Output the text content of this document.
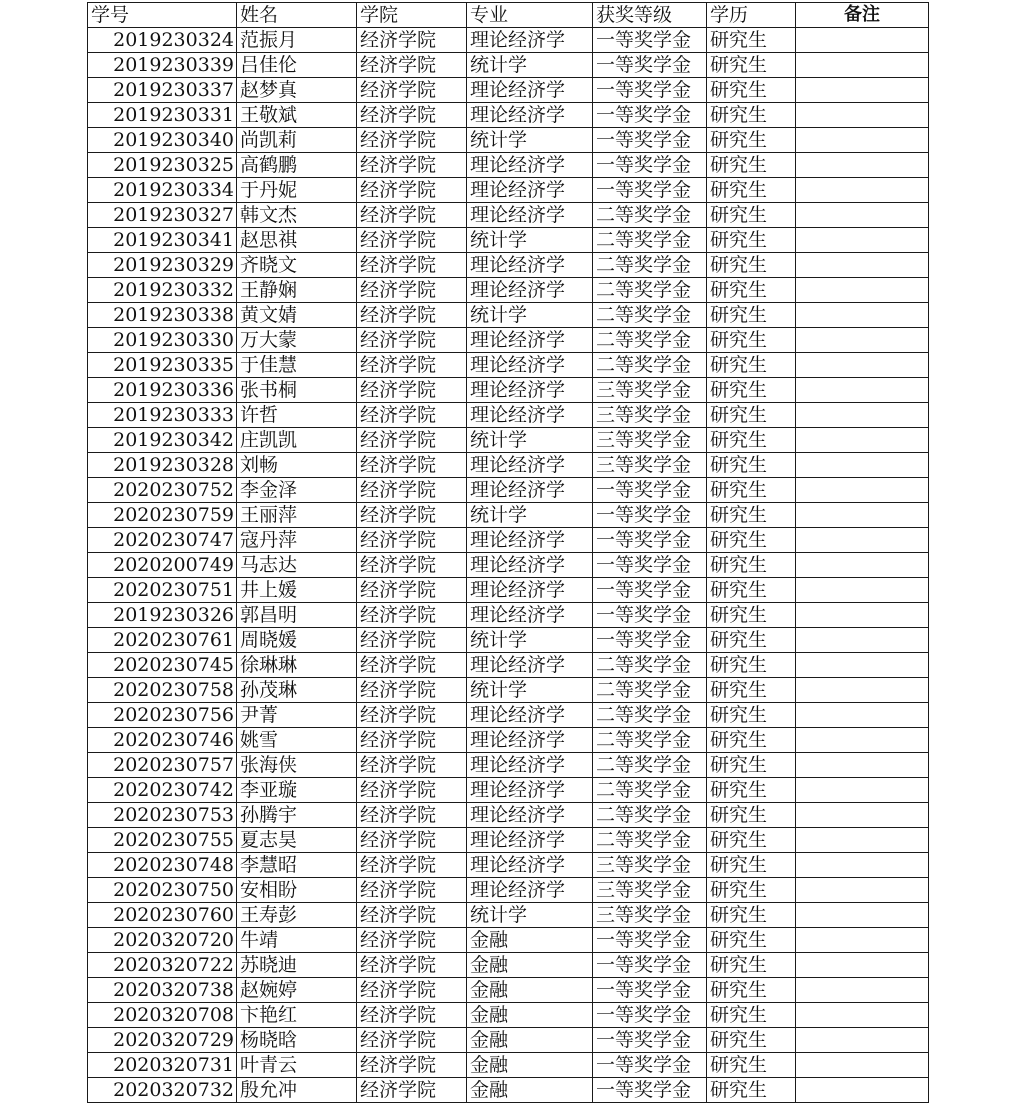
学号	姓名	学院	专业	获奖等级	学历	备注
2019230324	范振月	经济学院	理论经济学	一等奖学金	研究生	
2019230339	吕佳伦	经济学院	统计学	一等奖学金	研究生	
2019230337	赵梦真	经济学院	理论经济学	一等奖学金	研究生	
2019230331	王敬斌	经济学院	理论经济学	一等奖学金	研究生	
2019230340	尚凯莉	经济学院	统计学	一等奖学金	研究生	
2019230325	高鹤鹏	经济学院	理论经济学	一等奖学金	研究生	
2019230334	于丹妮	经济学院	理论经济学	一等奖学金	研究生	
2019230327	韩文杰	经济学院	理论经济学	二等奖学金	研究生	
2019230341	赵思祺	经济学院	统计学	二等奖学金	研究生	
2019230329	齐晓文	经济学院	理论经济学	二等奖学金	研究生	
2019230332	王静娴	经济学院	理论经济学	二等奖学金	研究生	
2019230338	黄文婧	经济学院	统计学	二等奖学金	研究生	
2019230330	万大蒙	经济学院	理论经济学	二等奖学金	研究生	
2019230335	于佳慧	经济学院	理论经济学	二等奖学金	研究生	
2019230336	张书桐	经济学院	理论经济学	三等奖学金	研究生	
2019230333	许哲	经济学院	理论经济学	三等奖学金	研究生	
2019230342	庄凯凯	经济学院	统计学	三等奖学金	研究生	
2019230328	刘畅	经济学院	理论经济学	三等奖学金	研究生	
2020230752	李金泽	经济学院	理论经济学	一等奖学金	研究生	
2020230759	王丽萍	经济学院	统计学	一等奖学金	研究生	
2020230747	寇丹萍	经济学院	理论经济学	一等奖学金	研究生	
2020200749	马志达	经济学院	理论经济学	一等奖学金	研究生	
2020230751	井上媛	经济学院	理论经济学	一等奖学金	研究生	
2019230326	郭昌明	经济学院	理论经济学	一等奖学金	研究生	
2020230761	周晓媛	经济学院	统计学	一等奖学金	研究生	
2020230745	徐琳琳	经济学院	理论经济学	二等奖学金	研究生	
2020230758	孙茂琳	经济学院	统计学	二等奖学金	研究生	
2020230756	尹菁	经济学院	理论经济学	二等奖学金	研究生	
2020230746	姚雪	经济学院	理论经济学	二等奖学金	研究生	
2020230757	张海侠	经济学院	理论经济学	二等奖学金	研究生	
2020230742	李亚璇	经济学院	理论经济学	二等奖学金	研究生	
2020230753	孙腾宇	经济学院	理论经济学	二等奖学金	研究生	
2020230755	夏志昊	经济学院	理论经济学	二等奖学金	研究生	
2020230748	李慧昭	经济学院	理论经济学	三等奖学金	研究生	
2020230750	安相盼	经济学院	理论经济学	三等奖学金	研究生	
2020230760	王寿彭	经济学院	统计学	三等奖学金	研究生	
2020320720	牛靖	经济学院	金融	一等奖学金	研究生	
2020320722	苏晓迪	经济学院	金融	一等奖学金	研究生	
2020320738	赵婉婷	经济学院	金融	一等奖学金	研究生	
2020320708	卞艳红	经济学院	金融	一等奖学金	研究生	
2020320729	杨晓晗	经济学院	金融	一等奖学金	研究生	
2020320731	叶青云	经济学院	金融	一等奖学金	研究生	
2020320732	殷允冲	经济学院	金融	一等奖学金	研究生	
